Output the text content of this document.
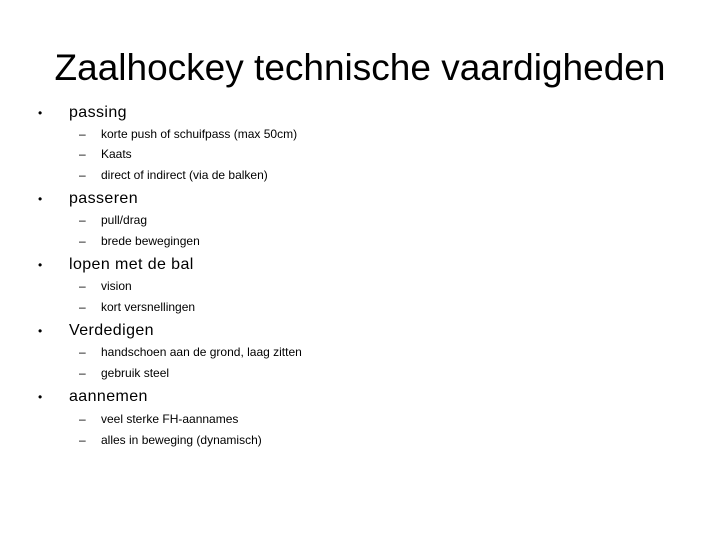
Zaalhockey technische vaardigheden
• passing
– korte push of schuifpass (max 50cm)
– Kaats
– direct of indirect (via de balken)
• passeren
– pull/drag
– brede bewegingen
• lopen met de bal
– vision
– kort versnellingen
• Verdedigen
– handschoen aan de grond, laag zitten
– gebruik steel
• aannemen
– veel sterke FH-aannames
– alles in beweging (dynamisch)
